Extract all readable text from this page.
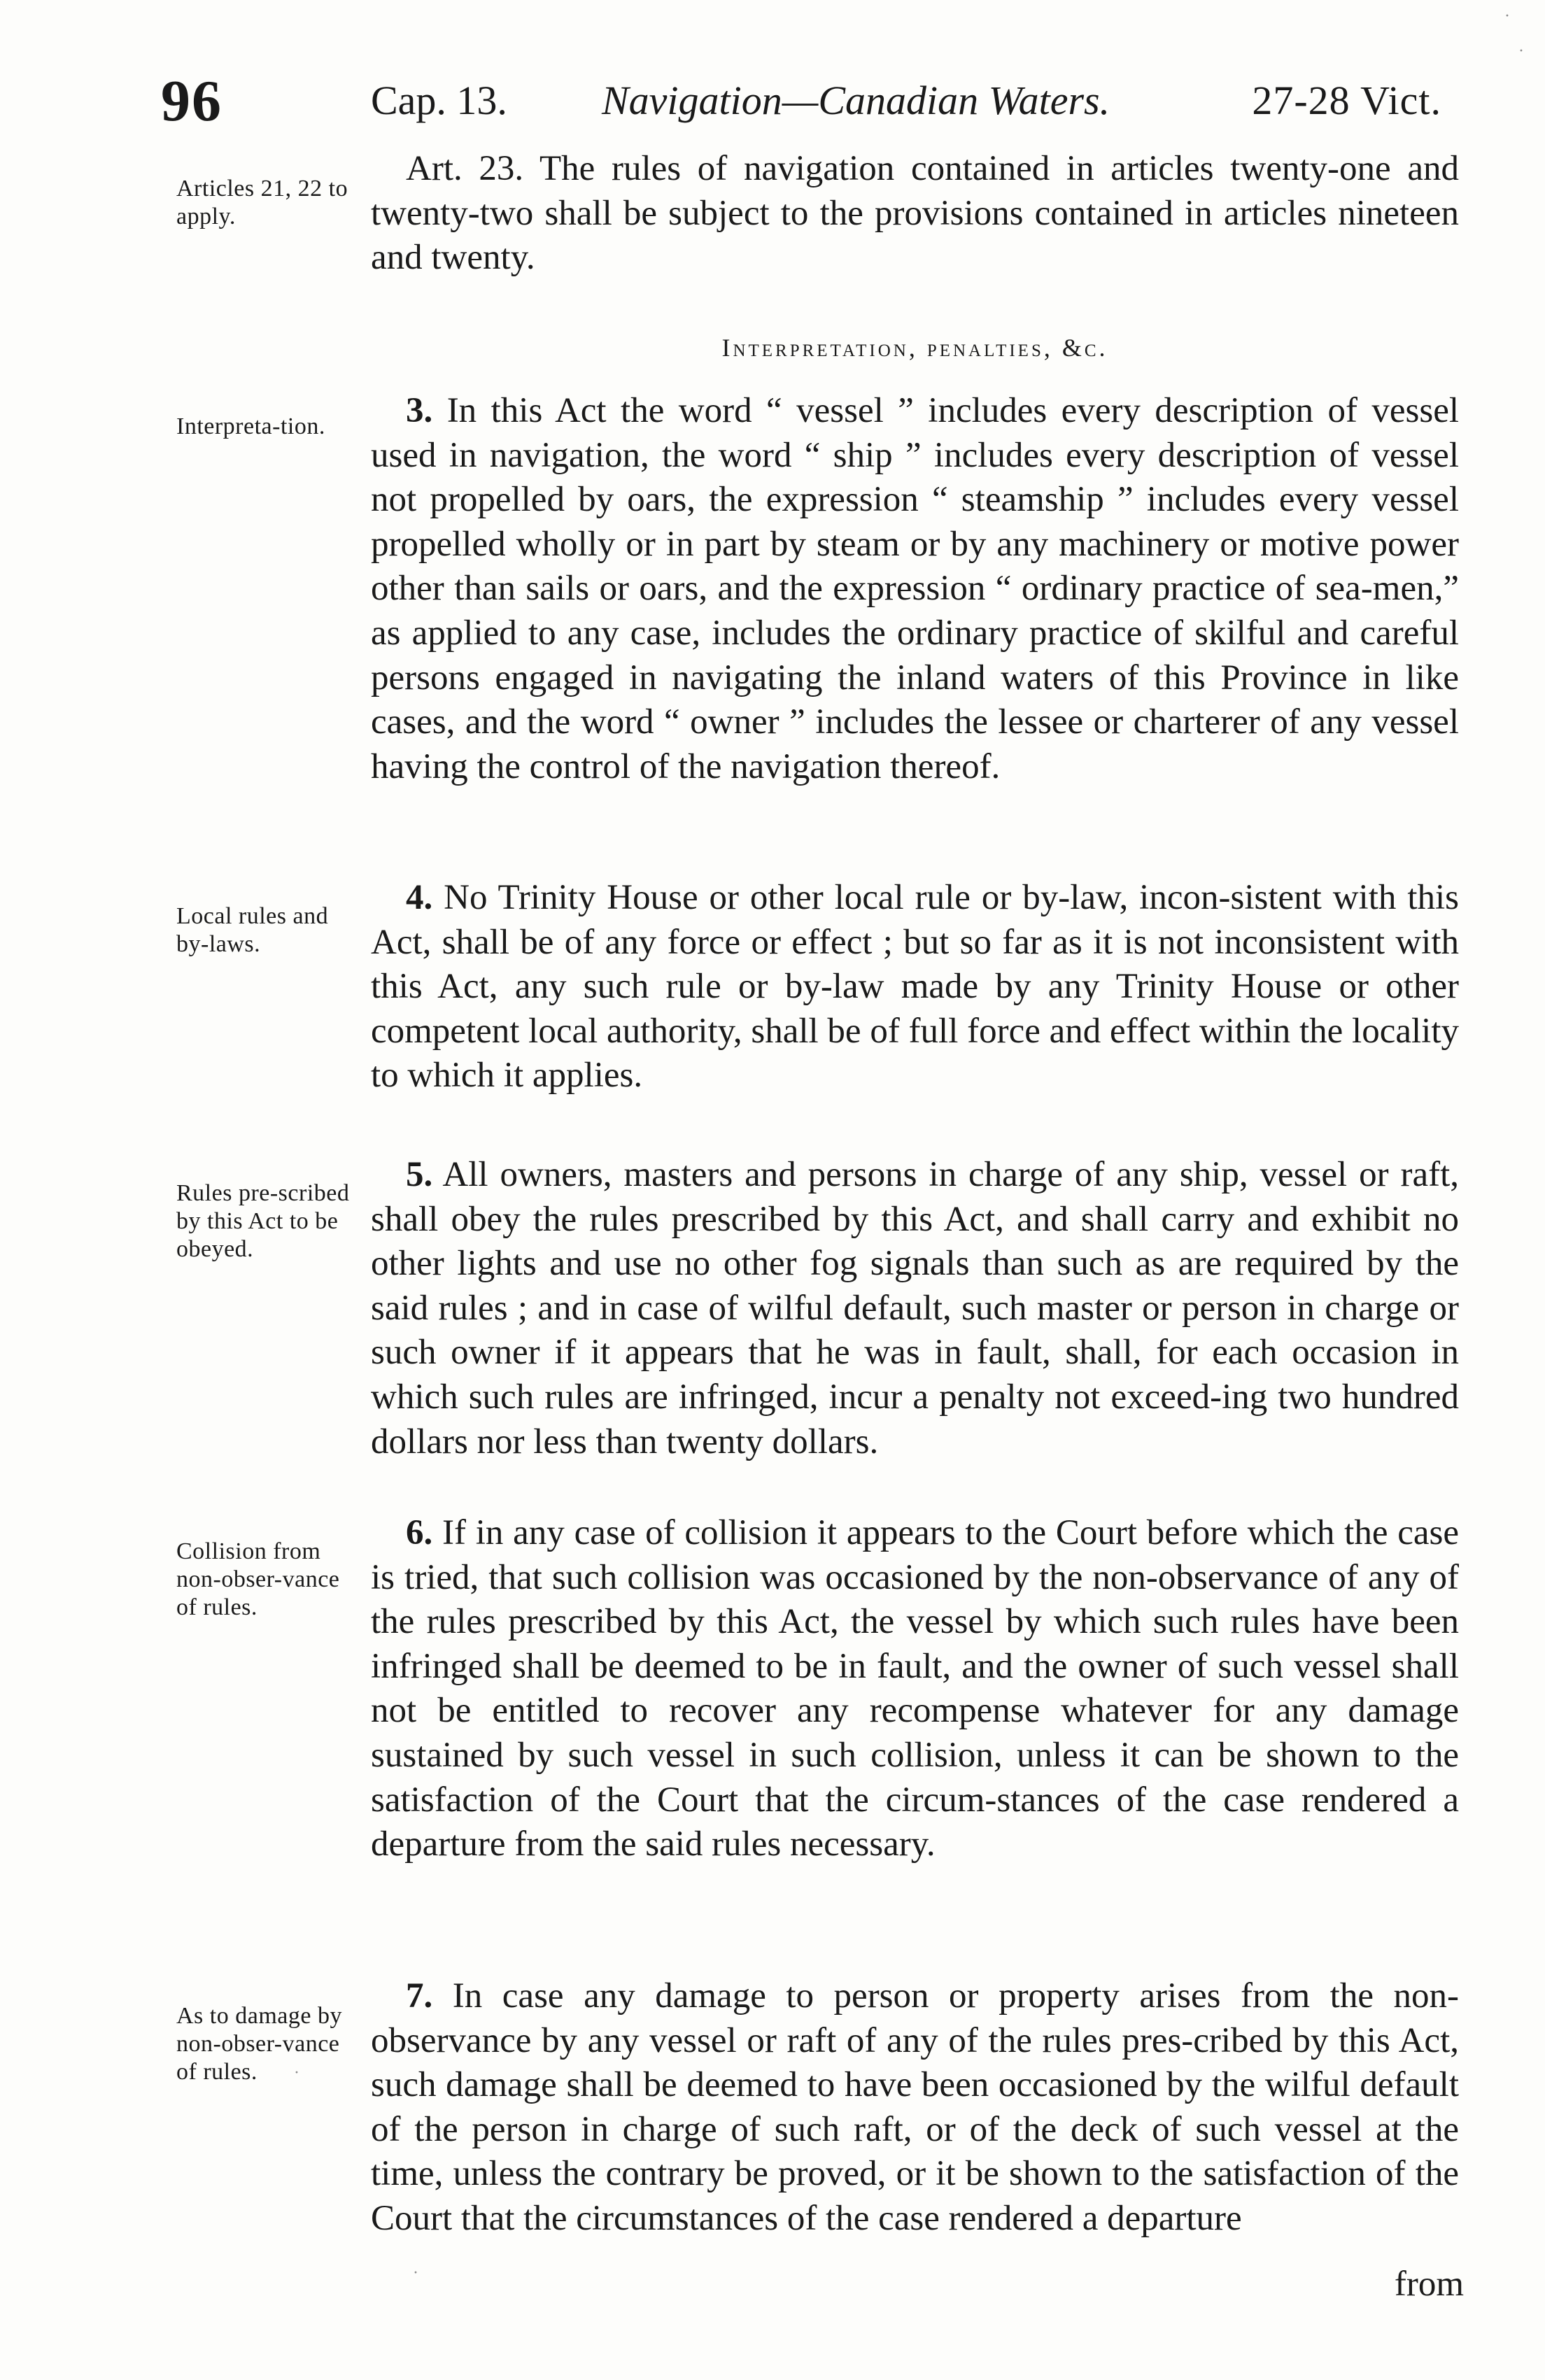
96	Cap. 13. Navigation—Canadian Waters.	27-28 Vict.
Articles 21, 22 to apply.

Art. 23. The rules of navigation contained in articles twenty-one and twenty-two shall be subject to the provisions contained in articles nineteen and twenty.

Interpretation, penalties, &c.
Interpreta-tion.	3. In this Act the word “ vessel ” includes every description of vessel used in navigation, the word “ ship ” includes every description of vessel not propelled by oars, the expression “ steamship ” includes every vessel propelled wholly or in part by steam or by any machinery or motive power other than sails or oars, and the expression “ ordinary practice of sea-men,” as applied to any case, includes the ordinary practice of skilful and careful persons engaged in navigating the inland waters of this Province in like cases, and the word “ owner ” includes the lessee or charterer of any vessel having the control of the navigation thereof.

Local rules and by-laws.

4. No Trinity House or other local rule or by-law, incon-sistent with this Act, shall be of any force or effect ; but so far as it is not inconsistent with this Act, any such rule or by-law made by any Trinity House or other competent local authority, shall be of full force and effect within the locality to which it applies.

Rules pre-scribed by this Act to be obeyed.

5. All owners, masters and persons in charge of any ship, vessel or raft, shall obey the rules prescribed by this Act, and shall carry and exhibit no other lights and use no other fog signals than such as are required by the said rules ; and in case of wilful default, such master or person in charge or such owner if it appears that he was in fault, shall, for each occasion in which such rules are infringed, incur a penalty not exceed-ing two hundred dollars nor less than twenty dollars.

Collision from non-obser-vance of rules.

6. If in any case of collision it appears to the Court before which the case is tried, that such collision was occasioned by the non-observance of any of the rules prescribed by this Act, the vessel by which such rules have been infringed shall be deemed to be in fault, and the owner of such vessel shall not be entitled to recover any recompense whatever for any damage sustained by such vessel in such collision, unless it can be shown to the satisfaction of the Court that the circum-stances of the case rendered a departure from the said rules necessary.

As to damage by non-obser-vance of rules.

7. In case any damage to person or property arises from the non-observance by any vessel or raft of any of the rules pres-cribed by this Act, such damage shall be deemed to have been occasioned by the wilful default of the person in charge of such raft, or of the deck of such vessel at the time, unless the contrary be proved, or it be shown to the satisfaction of the Court that the circumstances of the case rendered a departure

from
·
·
·
·
